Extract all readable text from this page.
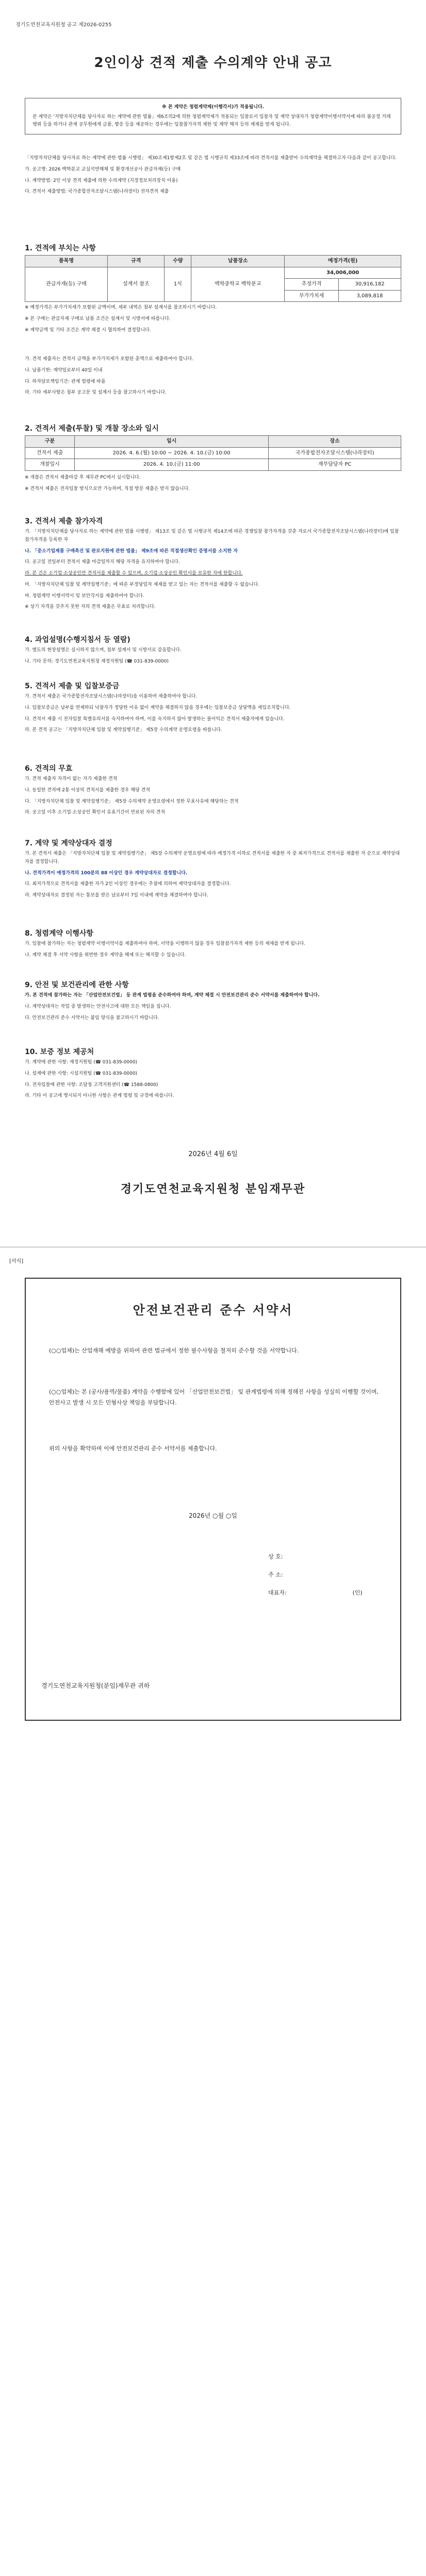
경기도연천교육지원청 공고 제2026-0255
2인이상 견적 제출 수의계약 안내 공고
※ 본 계약은 청렴계약제(이행각서)가 적용됩니다.
본 계약은 '지방자치단체를 당사자로 하는 계약에 관한 법률」제6조의2에 의한 청렴계약제가 적용되는 입찰로서 입찰자 및 계약 상대자가 청렴계약이행서약서에 따라 불공정 거래행위 등을 하거나 관계 공무원에게 금품, 향응 등을 제공하는 경우에는 입찰참가자격 제한 및 계약 해지 등의 제재를 받게 됩니다.

「지방자치단체를 당사자로 하는 계약에 관한 법률 시행령」 제30조제1항제2호 및 같은 법 시행규칙 제33조에 따라 견적서를 제출받아 수의계약을 체결하고자 다음과 같이 공고합니다.

가. 공고명: 2026 백학분교 교실석면해체 및 환경개선공사 관급자재(등) 구매

나. 계약방법: 2인 이상 견적 제출에 의한 수의계약 (지정정보처리장치 이용)

다. 견적서 제출방법: 국가종합전자조달시스템(나라장터) 전자견적 제출

1. 견적에 부치는 사항
품목명	규격	수량	납품장소	예정가격(원)	
관급자재(등) 구매	설계서 참조	1식	백학중학교 백학분교	34,006,000	
				추정가격	30,916,182
				부가가치세	3,089,818

※ 예정가격은 부가가치세가 포함된 금액이며, 세부 내역은 첨부 설계서를 참조하시기 바랍니다.

※ 본 구매는 관급자재 구매로 납품 조건은 설계서 및 시방서에 따릅니다.

※ 계약금액 및 기타 조건은 계약 체결 시 협의하여 결정합니다.

가. 견적 제출자는 견적서 금액을 부가가치세가 포함된 총액으로 제출하여야 합니다.

나. 납품기한: 계약일로부터 40일 이내

다. 하자담보책임기간: 관계 법령에 따름

라. 기타 세부사항은 첨부 공고문 및 설계서 등을 참고하시기 바랍니다.

2. 견적서 제출(투찰) 및 개찰 장소와 일시
구분	일시	장소
견적서 제출	2026. 4. 6.(월) 10:00 ~ 2026. 4. 10.(금) 10:00	국가종합전자조달시스템(나라장터)
개찰일시	2026. 4. 10.(금) 11:00	재무담당자 PC

※ 개찰은 견적서 제출마감 후 재무관 PC에서 실시합니다.

※ 견적서 제출은 전자입찰 방식으로만 가능하며, 직접 방문 제출은 받지 않습니다.

3. 견적서 제출 참가자격

가. 「지방자치단체를 당사자로 하는 계약에 관한 법률 시행령」 제13조 및 같은 법 시행규칙 제14조에 따른 경쟁입찰 참가자격을 갖춘 자로서 국가종합전자조달시스템(나라장터)에 입찰참가자격을 등록한 자

나. 「중소기업제품 구매촉진 및 판로지원에 관한 법률」 제9조에 따른 직접생산확인 증명서를 소지한 자

다. 공고일 전일부터 견적서 제출 마감일까지 해당 자격을 유지하여야 합니다.

라. 본 건은 소기업·소상공인만 견적서를 제출할 수 있으며, 소기업·소상공인 확인서를 보유한 자에 한합니다.

마. 「지방자치단체 입찰 및 계약집행기준」에 따른 부정당업자 제재를 받고 있는 자는 견적서를 제출할 수 없습니다.

바. 청렴계약 이행서약서 및 보안각서를 제출하여야 합니다.

※ 상기 자격을 갖추지 못한 자의 견적 제출은 무효로 처리합니다.

4. 과업설명(수행지침서 등 열람)

가. 별도의 현장설명은 실시하지 않으며, 첨부 설계서 및 시방서로 갈음합니다.

나. 기타 문의: 경기도연천교육지원청 재정지원팀 (☎ 031-839-0000)

5. 견적서 제출 및 입찰보증금

가. 견적서 제출은 국가종합전자조달시스템(나라장터)을 이용하여 제출하여야 합니다.

나. 입찰보증금은 납부를 면제하되 낙찰자가 정당한 이유 없이 계약을 체결하지 않을 경우에는 입찰보증금 상당액을 세입조치합니다.

다. 견적서 제출 시 전자입찰 특별유의서를 숙지하여야 하며, 이를 숙지하지 않아 발생하는 불이익은 견적서 제출자에게 있습니다.

라. 본 견적 공고는 「지방자치단체 입찰 및 계약집행기준」 제5장 수의계약 운영요령을 따릅니다.

6. 견적의 무효

가. 견적 제출자 자격이 없는 자가 제출한 견적

나. 동일한 견적에 2통 이상의 견적서를 제출한 경우 해당 견적

다. 「지방자치단체 입찰 및 계약집행기준」 제5장 수의계약 운영요령에서 정한 무효사유에 해당하는 견적

라. 공고일 이후 소기업·소상공인 확인서 유효기간이 만료된 자의 견적

7. 계약 및 계약상대자 결정

가. 본 견적서 제출은 「지방자치단체 입찰 및 계약집행기준」 제5장 수의계약 운영요령에 따라 예정가격 이하로 견적서를 제출한 자 중 최저가격으로 견적서를 제출한 자 순으로 계약상대자를 결정합니다.

나. 견적가격이 예정가격의 100분의 88 이상인 경우 계약상대자로 결정합니다.

다. 최저가격으로 견적서를 제출한 자가 2인 이상인 경우에는 추첨에 의하여 계약상대자를 결정합니다.

라. 계약상대자로 결정된 자는 통보를 받은 날로부터 7일 이내에 계약을 체결하여야 합니다.

8. 청렴계약 이행사항

가. 입찰에 참가하는 자는 청렴계약 이행서약서를 제출하여야 하며, 서약을 이행하지 않을 경우 입찰참가자격 제한 등의 제재를 받게 됩니다.

나. 계약 체결 후 서약 사항을 위반한 경우 계약을 해제 또는 해지할 수 있습니다.

9. 안전 및 보건관리에 관한 사항

가. 본 견적에 참가하는 자는 「산업안전보건법」 등 관계 법령을 준수하여야 하며, 계약 체결 시 안전보건관리 준수 서약서를 제출하여야 합니다.

나. 계약상대자는 작업 중 발생하는 안전사고에 대한 모든 책임을 집니다.

다. 안전보건관리 준수 서약서는 붙임 양식을 참고하시기 바랍니다.

10. 보증 정보 제공처

가. 계약에 관한 사항: 재정지원팀 (☎ 031-839-0000)

나. 설계에 관한 사항: 시설지원팀 (☎ 031-839-0000)

다. 전자입찰에 관한 사항: 조달청 고객지원센터 (☎ 1588-0800)

라. 기타 이 공고에 명시되지 아니한 사항은 관계 법령 및 규정에 따릅니다.

2026년 4월 6일
경기도연천교육지원청 분임재무관
[서식]
안전보건관리 준수 서약서
(○○업체)는 산업재해 예방을 위하여 관련 법규에서 정한 필수사항을 철저히 준수할 것을 서약합니다.
(○○업체)는 본 (공사/용역/물품) 계약을 수행함에 있어 「산업안전보건법」 및 관계법령에 의해 정해진 사항을 성실히 이행할 것이며, 안전사고 발생 시 모든 민형사상 책임을 부담합니다.
위의 사항을 확약하며 이에 안전보건관리 준수 서약서를 제출합니다.
2026년 ○월 ○일
상 호:
주 소:
대표자:	(인)
경기도연천교육지원청(분임)재무관 귀하
